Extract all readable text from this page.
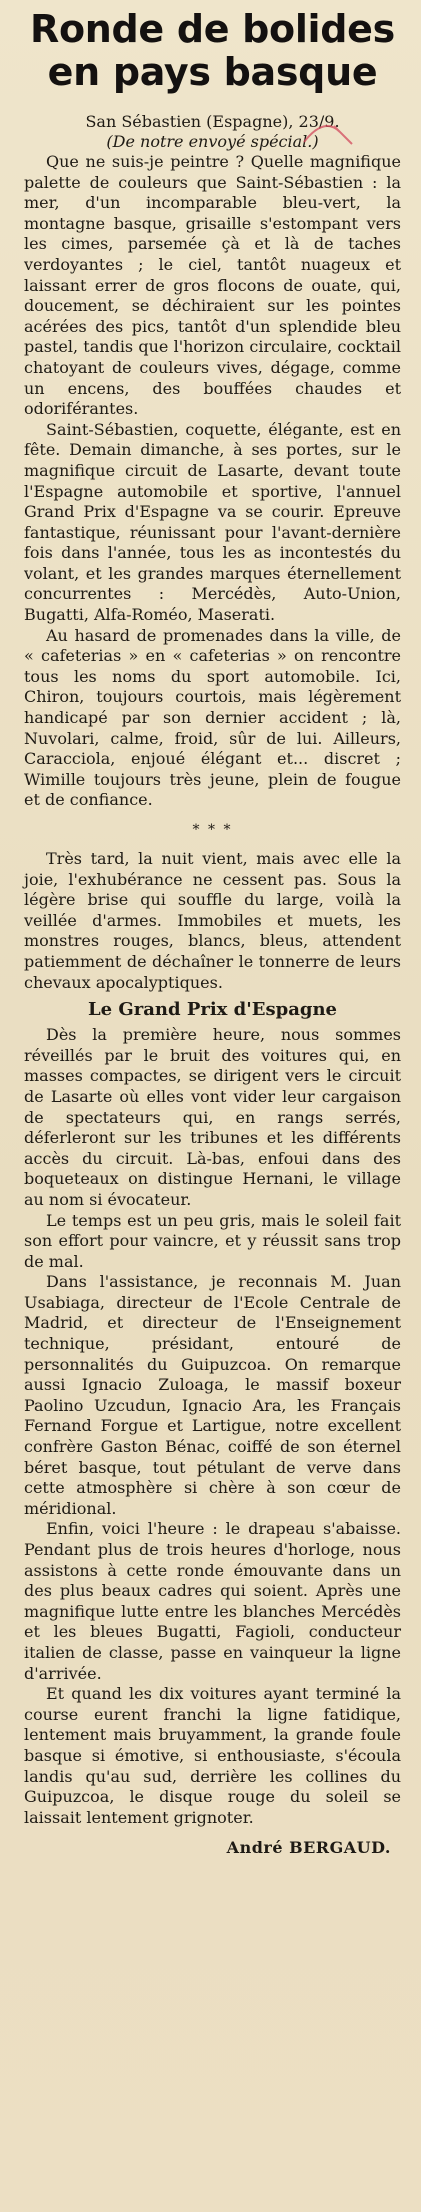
Ronde de bolides
en pays basque

San Sébastien (Espagne), 23/9.

(De notre envoyé spécial.)

Que ne suis-je peintre ? Quelle magnifique palette de couleurs que Saint-Sébastien : la mer, d'un incomparable bleu-vert, la montagne basque, grisaille s'estompant vers les cimes, parsemée çà et là de taches verdoyantes ; le ciel, tantôt nuageux et laissant errer de gros flocons de ouate, qui, doucement, se déchiraient sur les pointes acérées des pics, tantôt d'un splendide bleu pastel, tandis que l'horizon circulaire, cocktail chatoyant de couleurs vives, dégage, comme un encens, des bouffées chaudes et odoriférantes.

Saint-Sébastien, coquette, élégante, est en fête. Demain dimanche, à ses portes, sur le magnifique circuit de Lasarte, devant toute l'Espagne automobile et sportive, l'annuel Grand Prix d'Espagne va se courir. Epreuve fantastique, réunissant pour l'avant-dernière fois dans l'année, tous les as incontestés du volant, et les grandes marques éternellement concurrentes : Mercédès, Auto-Union, Bugatti, Alfa-Roméo, Maserati.

Au hasard de promenades dans la ville, de « cafeterias » en « cafeterias » on rencontre tous les noms du sport automobile. Ici, Chiron, toujours courtois, mais légèrement handicapé par son dernier accident ; là, Nuvolari, calme, froid, sûr de lui. Ailleurs, Caracciola, enjoué élégant et... discret ; Wimille toujours très jeune, plein de fougue et de confiance.

* * *

Très tard, la nuit vient, mais avec elle la joie, l'exhubérance ne cessent pas. Sous la légère brise qui souffle du large, voilà la veillée d'armes. Immobiles et muets, les monstres rouges, blancs, bleus, attendent patiemment de déchaîner le tonnerre de leurs chevaux apocalyptiques.

Le Grand Prix d'Espagne

Dès la première heure, nous sommes réveillés par le bruit des voitures qui, en masses compactes, se dirigent vers le circuit de Lasarte où elles vont vider leur cargaison de spectateurs qui, en rangs serrés, déferleront sur les tribunes et les différents accès du circuit. Là-bas, enfoui dans des boqueteaux on distingue Hernani, le village au nom si évocateur.

Le temps est un peu gris, mais le soleil fait son effort pour vaincre, et y réussit sans trop de mal.

Dans l'assistance, je reconnais M. Juan Usabiaga, directeur de l'Ecole Centrale de Madrid, et directeur de l'Enseignement technique, présidant, entouré de personnalités du Guipuzcoa. On remarque aussi Ignacio Zuloaga, le massif boxeur Paolino Uzcudun, Ignacio Ara, les Français Fernand Forgue et Lartigue, notre excellent confrère Gaston Bénac, coiffé de son éternel béret basque, tout pétulant de verve dans cette atmosphère si chère à son cœur de méridional.

Enfin, voici l'heure : le drapeau s'abaisse. Pendant plus de trois heures d'horloge, nous assistons à cette ronde émouvante dans un des plus beaux cadres qui soient. Après une magnifique lutte entre les blanches Mercédès et les bleues Bugatti, Fagioli, conducteur italien de classe, passe en vainqueur la ligne d'arrivée.

Et quand les dix voitures ayant terminé la course eurent franchi la ligne fatidique, lentement mais bruyamment, la grande foule basque si émotive, si enthousiaste, s'écoula landis qu'au sud, derrière les collines du Guipuzcoa, le disque rouge du soleil se laissait lentement grignoter.

André BERGAUD.
